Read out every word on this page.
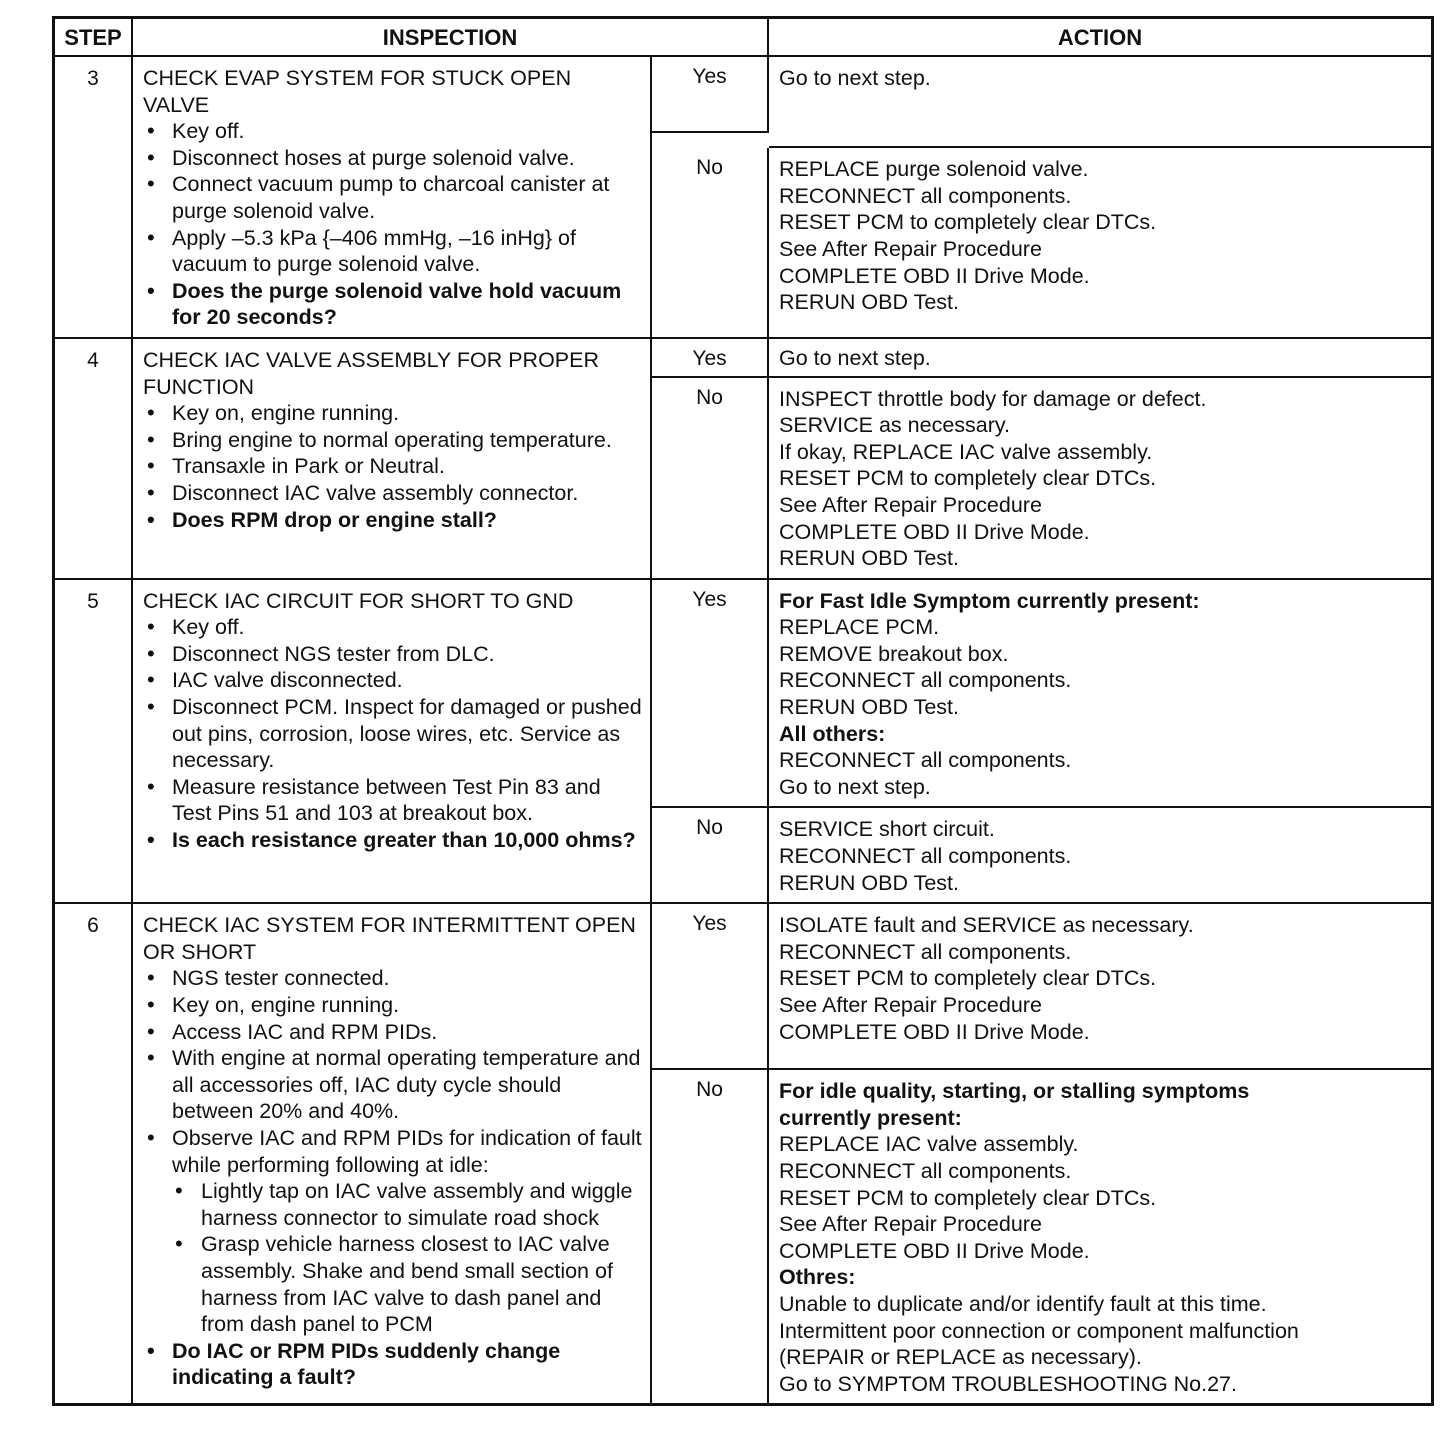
STEP	INSPECTION	ACTION
3	CHECK EVAP SYSTEM FOR STUCK OPEN VALVE
• Key off.
• Disconnect hoses at purge solenoid valve.
• Connect vacuum pump to charcoal canister at purge solenoid valve.
• Apply –5.3 kPa {–406 mmHg, –16 inHg} of vacuum to purge solenoid valve.
• Does the purge solenoid valve hold vacuum for 20 seconds?
Yes	Go to next step.
No	REPLACE purge solenoid valve.
RECONNECT all components.
RESET PCM to completely clear DTCs.
See After Repair Procedure
COMPLETE OBD II Drive Mode.
RERUN OBD Test.
4	CHECK IAC VALVE ASSEMBLY FOR PROPER FUNCTION
• Key on, engine running.
• Bring engine to normal operating temperature.
• Transaxle in Park or Neutral.
• Disconnect IAC valve assembly connector.
• Does RPM drop or engine stall?
Yes	Go to next step.
No	INSPECT throttle body for damage or defect.
SERVICE as necessary.
If okay, REPLACE IAC valve assembly.
RESET PCM to completely clear DTCs.
See After Repair Procedure
COMPLETE OBD II Drive Mode.
RERUN OBD Test.
5	CHECK IAC CIRCUIT FOR SHORT TO GND
• Key off.
• Disconnect NGS tester from DLC.
• IAC valve disconnected.
• Disconnect PCM. Inspect for damaged or pushed out pins, corrosion, loose wires, etc. Service as necessary.
• Measure resistance between Test Pin 83 and Test Pins 51 and 103 at breakout box.
• Is each resistance greater than 10,000 ohms?
Yes	For Fast Idle Symptom currently present:
REPLACE PCM.
REMOVE breakout box.
RECONNECT all components.
RERUN OBD Test.
All others:
RECONNECT all components.
Go to next step.
No	SERVICE short circuit.
RECONNECT all components.
RERUN OBD Test.
6	CHECK IAC SYSTEM FOR INTERMITTENT OPEN OR SHORT
• NGS tester connected.
• Key on, engine running.
• Access IAC and RPM PIDs.
• With engine at normal operating temperature and all accessories off, IAC duty cycle should between 20% and 40%.
• Observe IAC and RPM PIDs for indication of fault while performing following at idle:
• Lightly tap on IAC valve assembly and wiggle harness connector to simulate road shock
• Grasp vehicle harness closest to IAC valve assembly. Shake and bend small section of harness from IAC valve to dash panel and from dash panel to PCM
• Do IAC or RPM PIDs suddenly change indicating a fault?
Yes	ISOLATE fault and SERVICE as necessary.
RECONNECT all components.
RESET PCM to completely clear DTCs.
See After Repair Procedure
COMPLETE OBD II Drive Mode.
No	For idle quality, starting, or stalling symptoms currently present:
REPLACE IAC valve assembly.
RECONNECT all components.
RESET PCM to completely clear DTCs.
See After Repair Procedure
COMPLETE OBD II Drive Mode.
Othres:
Unable to duplicate and/or identify fault at this time.
Intermittent poor connection or component malfunction
(REPAIR or REPLACE as necessary).
Go to SYMPTOM TROUBLESHOOTING No.27.
